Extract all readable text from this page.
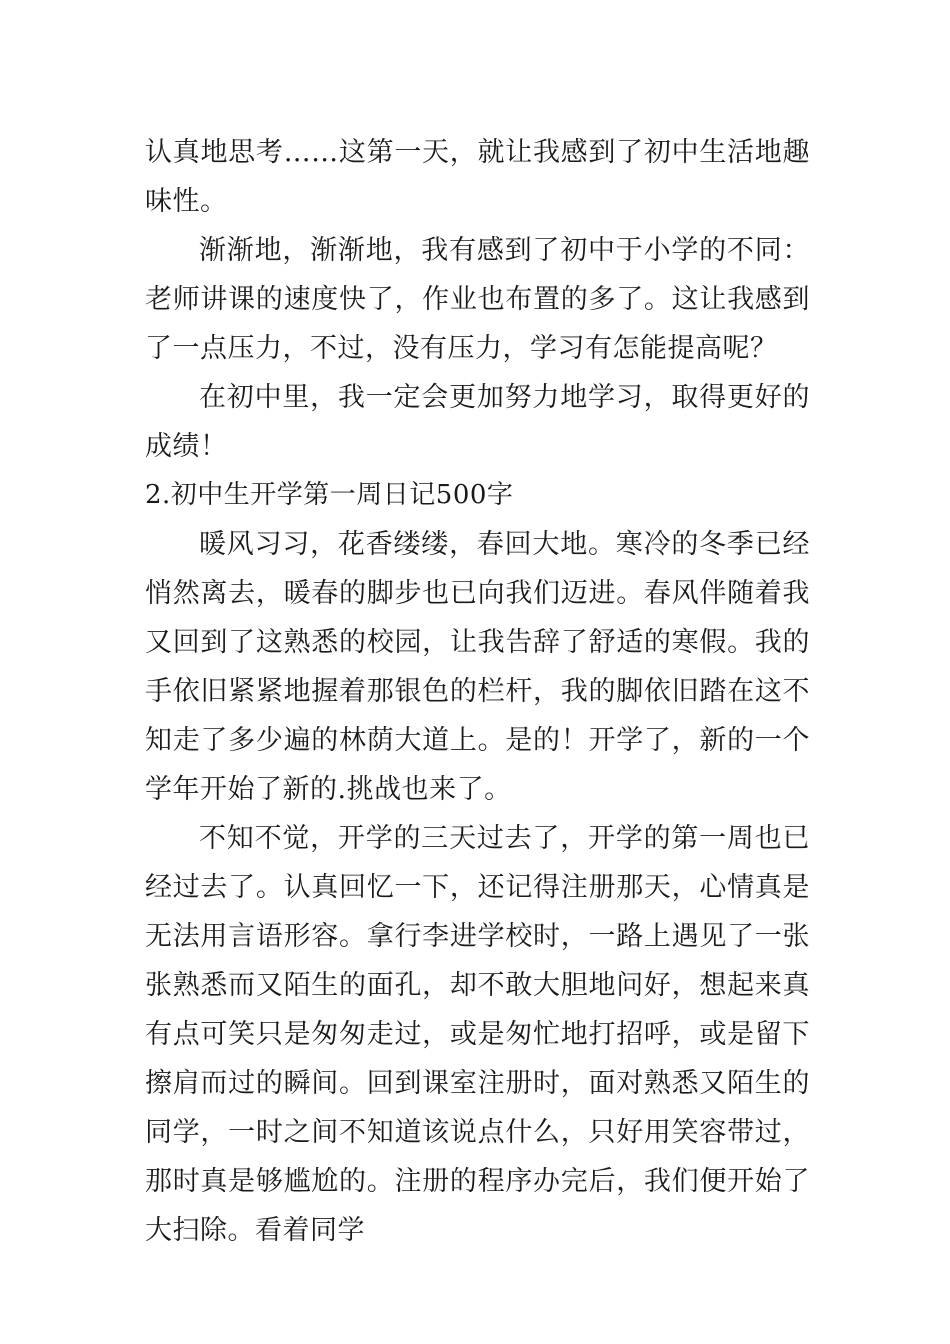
认真地思考……这第一天，就让我感到了初中生活地趣味性。

渐渐地，渐渐地，我有感到了初中于小学的不同：老师讲课的速度快了，作业也布置的多了。这让我感到了一点压力，不过，没有压力，学习有怎能提高呢？

在初中里，我一定会更加努力地学习，取得更好的成绩！

2.初中生开学第一周日记500字

暖风习习，花香缕缕，春回大地。寒冷的冬季已经悄然离去，暖春的脚步也已向我们迈进。春风伴随着我又回到了这熟悉的校园，让我告辞了舒适的寒假。我的手依旧紧紧地握着那银色的栏杆，我的脚依旧踏在这不知走了多少遍的林荫大道上。是的！开学了，新的一个学年开始了新的.挑战也来了。

不知不觉，开学的三天过去了，开学的第一周也已经过去了。认真回忆一下，还记得注册那天，心情真是无法用言语形容。拿行李进学校时，一路上遇见了一张张熟悉而又陌生的面孔，却不敢大胆地问好，想起来真有点可笑只是匆匆走过，或是匆忙地打招呼，或是留下擦肩而过的瞬间。回到课室注册时，面对熟悉又陌生的同学，一时之间不知道该说点什么，只好用笑容带过，那时真是够尴尬的。注册的程序办完后，我们便开始了大扫除。看着同学
